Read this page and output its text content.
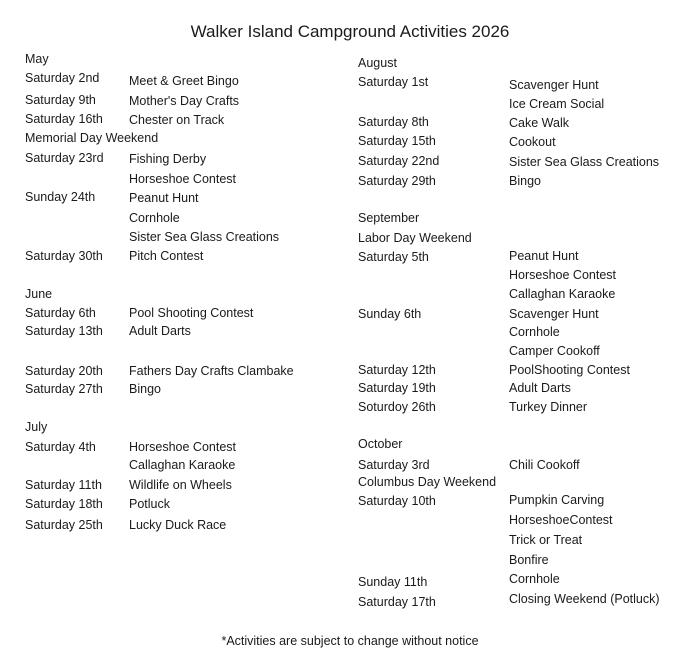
Walker Island Campground Activities 2026
May
Saturday 2nd Meet & Greet Bingo
Saturday 9th	Mother's Day Crafts
Saturday 16th Chester on Track
Memorial Day Weekend
Saturday 23rd Fishing Derby
Horseshoe Contest
Sunday 24th	Peanut Hunt
Cornhole
Sister Sea Glass Creations
Saturday 30th Pitch Contest
June
Saturday 6th	Pool Shooting Contest
Saturday 13th Adult Darts
Saturday 20th Fathers Day Crafts Clambake
Saturday 27th Bingo
July
Saturday 4th	Horseshoe Contest
Callaghan Karaoke
Saturday 11th Wildlife on Wheels
Saturday 18th Potluck
Saturday 25th Lucky Duck Race
August
Saturday 1st	Scavenger Hunt
Ice Cream Social
Saturday 8th	Cake Walk
Saturday 15th	Cookout
Saturday 22nd	Sister Sea Glass Creations
Saturday 29th	Bingo
September
Labor Day Weekend
Saturday 5th	Peanut Hunt
Horseshoe Contest
Callaghan Karaoke
Sunday 6th	Scavenger Hunt
Cornhole
Camper Cookoff
Saturday 12th	PoolShooting Contest
Saturday 19th	Adult Darts
Soturdoy 26th	Turkey Dinner
October
Saturday 3rd	Chili Cookoff
Columbus Day Weekend
Saturday 10th	Pumpkin Carving
HorseshoeContest
Trick or Treat
Bonfire
Sunday 11th	Cornhole
Saturday 17th	Closing Weekend (Potluck)
*Activities are subject to change without notice
